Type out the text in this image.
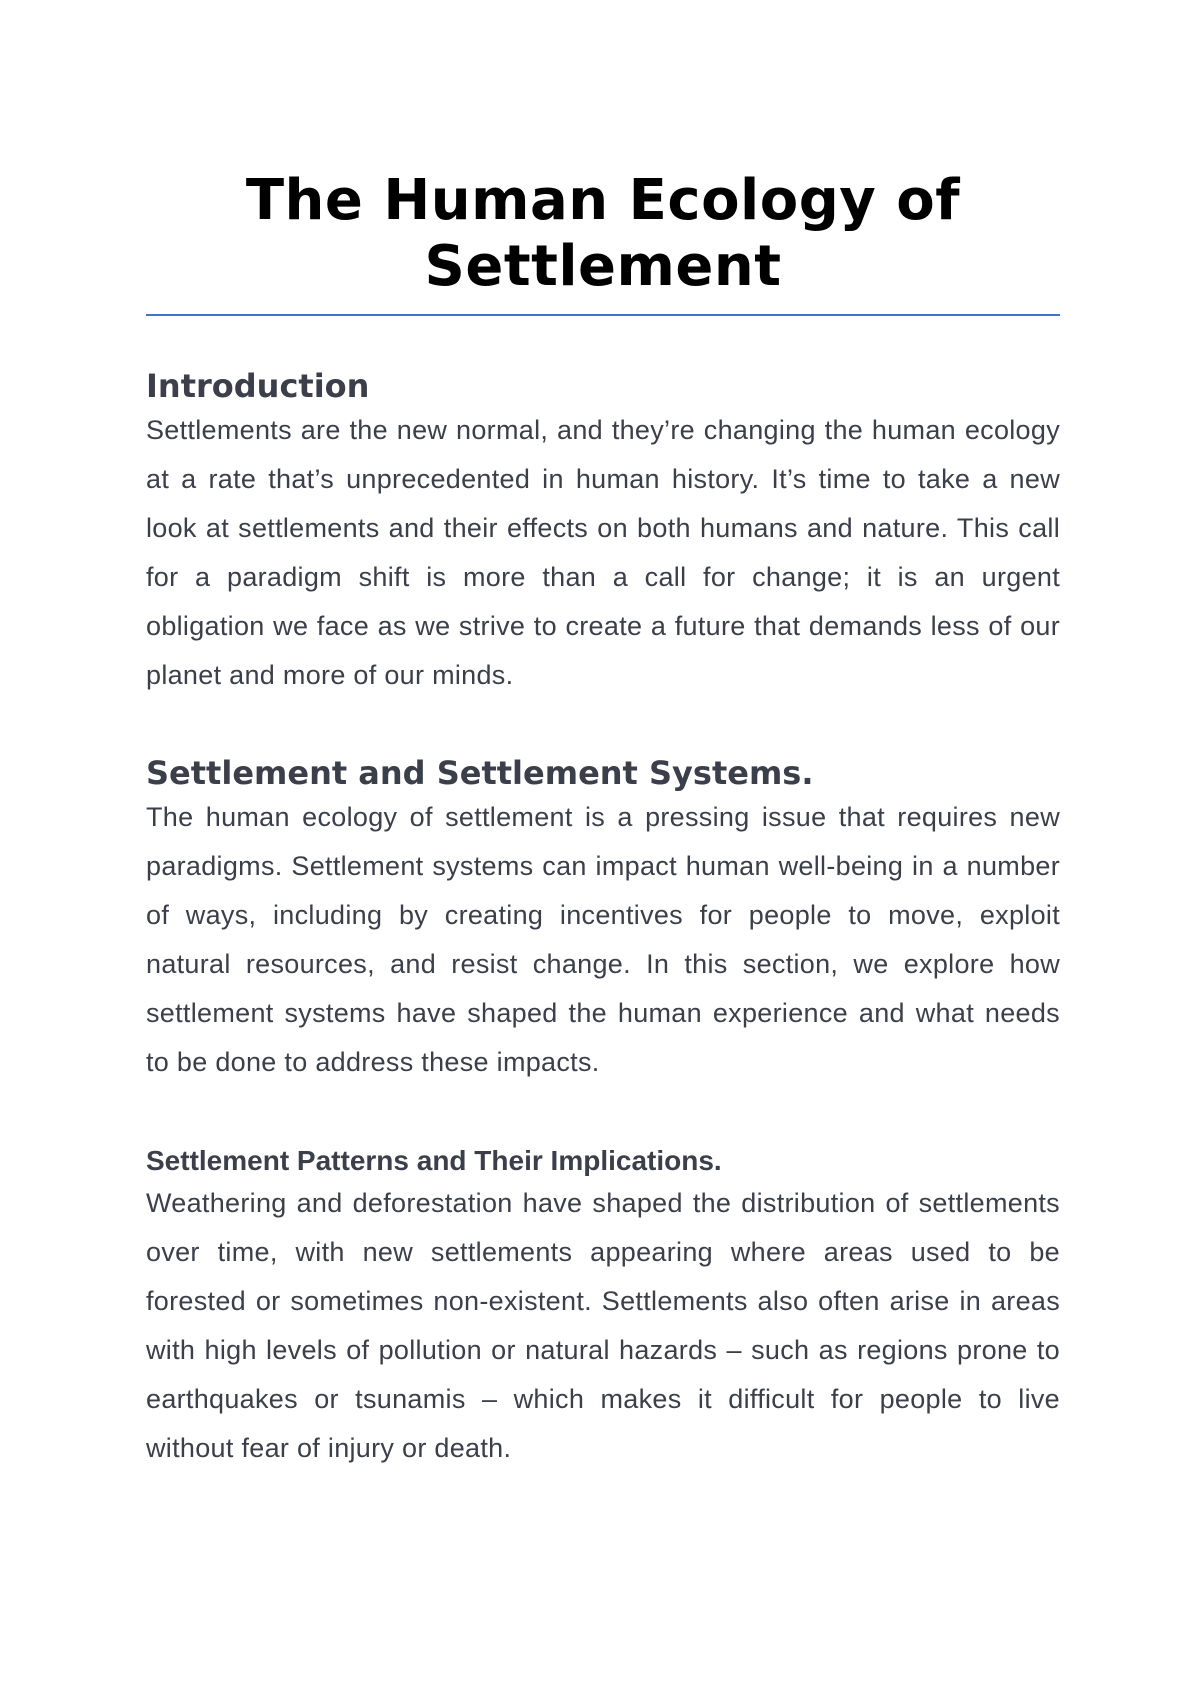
The Human Ecology of Settlement
Introduction

Settlements are the new normal, and they’re changing the human ecology at a rate that’s unprecedented in human history. It’s time to take a new look at settlements and their effects on both humans and nature. This call for a paradigm shift is more than a call for change; it is an urgent obligation we face as we strive to create a future that demands less of our planet and more of our minds.

Settlement and Settlement Systems.

The human ecology of settlement is a pressing issue that requires new paradigms. Settlement systems can impact human well-being in a number of ways, including by creating incentives for people to move, exploit natural resources, and resist change. In this section, we explore how settlement systems have shaped the human experience and what needs to be done to address these impacts.

Settlement Patterns and Their Implications.

Weathering and deforestation have shaped the distribution of settlements over time, with new settlements appearing where areas used to be forested or sometimes non-existent. Settlements also often arise in areas with high levels of pollution or natural hazards – such as regions prone to earthquakes or tsunamis – which makes it difficult for people to live without fear of injury or death.
